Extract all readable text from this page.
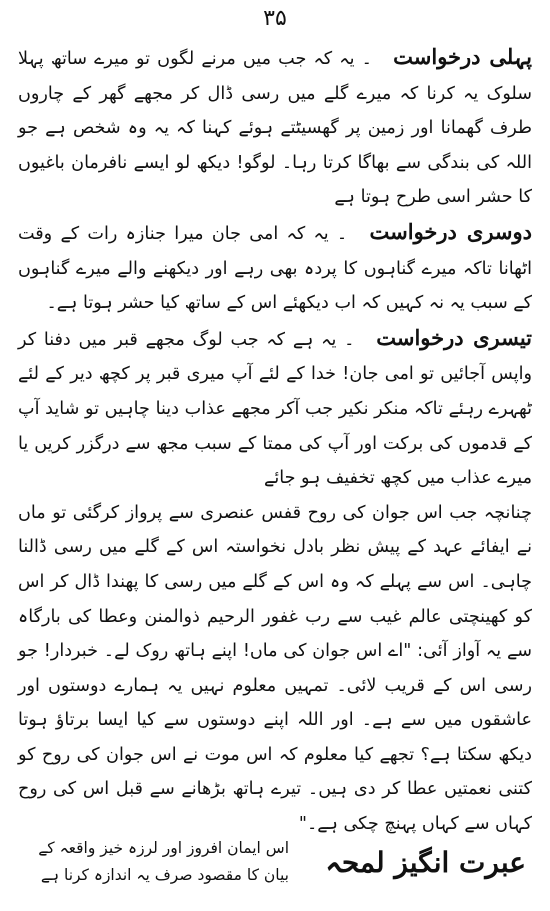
۳۵

پہلی درخواست ۔ یہ کہ جب میں مرنے لگوں تو میرے ساتھ پہلا سلوک یہ کرنا کہ میرے گلے میں رسی ڈال کر مجھے گھر کے چاروں طرف گھمانا اور زمین پر گھسیٹتے ہوئے کہنا کہ یہ وہ شخص ہے جو اللہ کی بندگی سے بھاگا کرتا رہا۔ لوگو! دیکھ لو ایسے نافرمان باغیوں کا حشر اسی طرح ہوتا ہے

دوسری درخواست ۔ یہ کہ امی جان میرا جنازہ رات کے وقت اٹھانا تاکہ میرے گناہوں کا پردہ بھی رہے اور دیکھنے والے میرے گناہوں کے سبب یہ نہ کہیں کہ اب دیکھئے اس کے ساتھ کیا حشر ہوتا ہے۔

تیسری درخواست ۔ یہ ہے کہ جب لوگ مجھے قبر میں دفنا کر واپس آجائیں تو امی جان! خدا کے لئے آپ میری قبر پر کچھ دیر کے لئے ٹھہرے رہئے تاکہ منکر نکیر جب آکر مجھے عذاب دینا چاہیں تو شاید آپ کے قدموں کی برکت اور آپ کی ممتا کے سبب مجھ سے درگزر کریں یا میرے عذاب میں کچھ تخفیف ہو جائے

چنانچہ جب اس جوان کی روح قفس عنصری سے پرواز کرگئی تو ماں نے ایفائے عہد کے پیش نظر بادل نخواستہ اس کے گلے میں رسی ڈالنا چاہی۔ اس سے پہلے کہ وہ اس کے گلے میں رسی کا پھندا ڈال کر اس کو کھینچتی عالم غیب سے رب غفور الرحیم ذوالمنن وعطا کی بارگاہ سے یہ آواز آئی: "اے اس جوان کی ماں! اپنے ہاتھ روک لے۔ خبردار! جو رسی اس کے قریب لائی۔ تمہیں معلوم نہیں یہ ہمارے دوستوں اور عاشقوں میں سے ہے۔ اور اللہ اپنے دوستوں سے کیا ایسا برتاؤ ہوتا دیکھ سکتا ہے؟ تجھے کیا معلوم کہ اس موت نے اس جوان کی روح کو کتنی نعمتیں عطا کر دی ہیں۔ تیرے ہاتھ بڑھانے سے قبل اس کی روح کہاں سے کہاں پہنچ چکی ہے۔"

عبرت انگیز لمحہ
اس ایمان افروز اور لرزہ خیز واقعہ کے بیان کا مقصود صرف یہ اندازہ کرنا ہے
